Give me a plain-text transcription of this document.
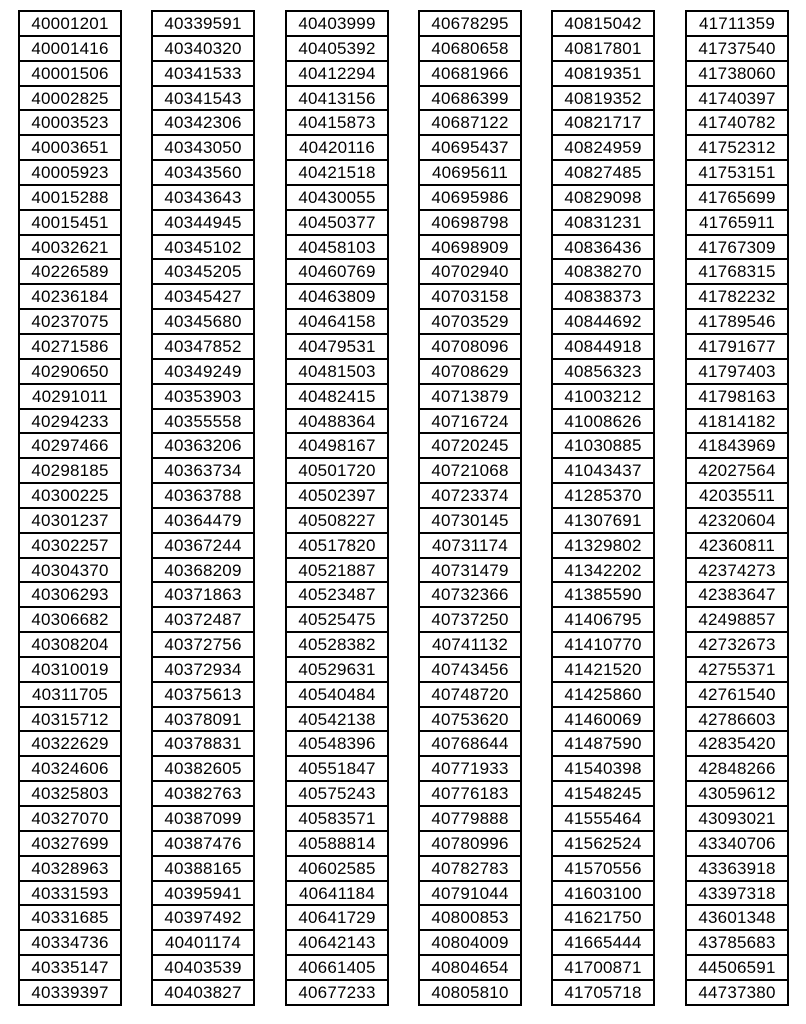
40001201
40001416
40001506
40002825
40003523
40003651
40005923
40015288
40015451
40032621
40226589
40236184
40237075
40271586
40290650
40291011
40294233
40297466
40298185
40300225
40301237
40302257
40304370
40306293
40306682
40308204
40310019
40311705
40315712
40322629
40324606
40325803
40327070
40327699
40328963
40331593
40331685
40334736
40335147
40339397
40339591
40340320
40341533
40341543
40342306
40343050
40343560
40343643
40344945
40345102
40345205
40345427
40345680
40347852
40349249
40353903
40355558
40363206
40363734
40363788
40364479
40367244
40368209
40371863
40372487
40372756
40372934
40375613
40378091
40378831
40382605
40382763
40387099
40387476
40388165
40395941
40397492
40401174
40403539
40403827
40403999
40405392
40412294
40413156
40415873
40420116
40421518
40430055
40450377
40458103
40460769
40463809
40464158
40479531
40481503
40482415
40488364
40498167
40501720
40502397
40508227
40517820
40521887
40523487
40525475
40528382
40529631
40540484
40542138
40548396
40551847
40575243
40583571
40588814
40602585
40641184
40641729
40642143
40661405
40677233
40678295
40680658
40681966
40686399
40687122
40695437
40695611
40695986
40698798
40698909
40702940
40703158
40703529
40708096
40708629
40713879
40716724
40720245
40721068
40723374
40730145
40731174
40731479
40732366
40737250
40741132
40743456
40748720
40753620
40768644
40771933
40776183
40779888
40780996
40782783
40791044
40800853
40804009
40804654
40805810
40815042
40817801
40819351
40819352
40821717
40824959
40827485
40829098
40831231
40836436
40838270
40838373
40844692
40844918
40856323
41003212
41008626
41030885
41043437
41285370
41307691
41329802
41342202
41385590
41406795
41410770
41421520
41425860
41460069
41487590
41540398
41548245
41555464
41562524
41570556
41603100
41621750
41665444
41700871
41705718
41711359
41737540
41738060
41740397
41740782
41752312
41753151
41765699
41765911
41767309
41768315
41782232
41789546
41791677
41797403
41798163
41814182
41843969
42027564
42035511
42320604
42360811
42374273
42383647
42498857
42732673
42755371
42761540
42786603
42835420
42848266
43059612
43093021
43340706
43363918
43397318
43601348
43785683
44506591
44737380
